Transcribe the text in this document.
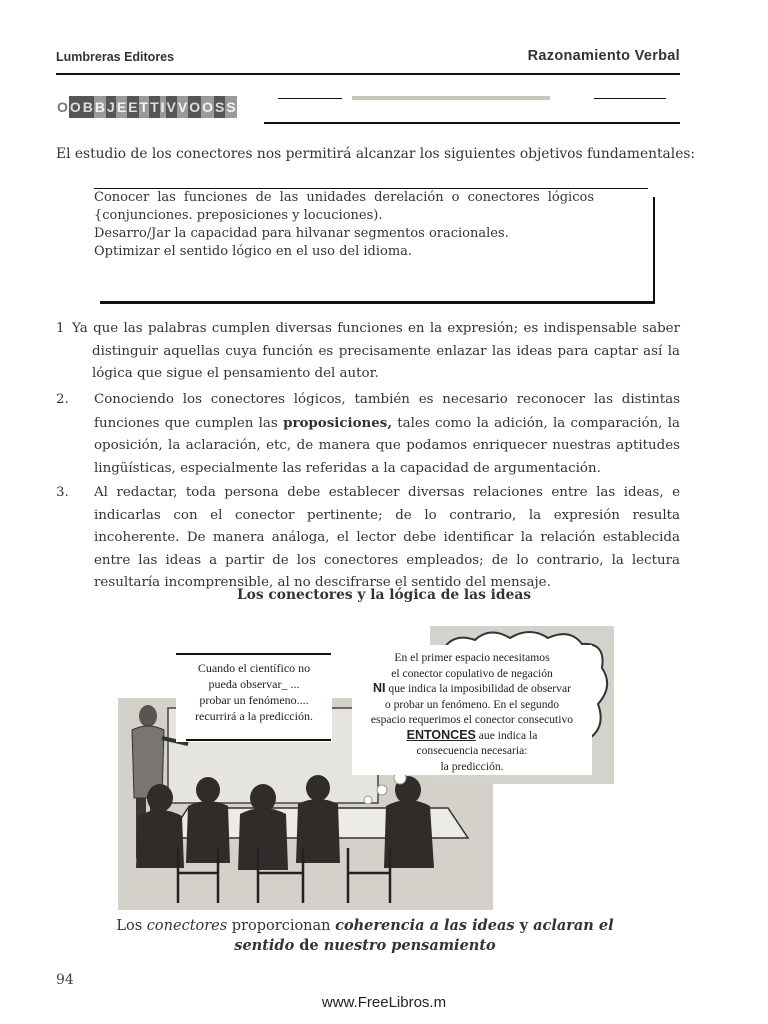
Lumbreras Editores	Razonamiento Verbal
O O B B J E E T T I V V O O S S
El estudio de los conectores nos permitirá alcanzar los siguientes objetivos fundamentales:
Conocer las funciones de las unidades derelación o conectores lógicos
{conjunciones. preposiciones y locuciones).
Desarro/Jar la capacidad para hilvanar segmentos oracionales.
Optimizar el sentido lógico en el uso del idioma.
1 Ya que las palabras cumplen diversas funciones en la expresión; es indispensable saber distinguir aquellas cuya función es precisamente enlazar las ideas para captar así la lógica que sigue el pensamiento del autor.
2. Conociendo los conectores lógicos, también es necesario reconocer las distintas funciones que cumplen las proposiciones, tales como la adición, la comparación, la oposición, la aclaración, etc, de manera que podamos enriquecer nuestras aptitudes lingüísticas, especialmente las referidas a la capacidad de argumentación.
3. Al redactar, toda persona debe establecer diversas relaciones entre las ideas, e indicarlas con el conector pertinente; de lo contrario, la expresión resulta incoherente. De manera análoga, el lector debe identificar la relación establecida entre las ideas a partir de los conectores empleados; de lo contrario, la lectura resultaría incomprensible, al no descifrarse el sentido del mensaje.
Los conectores y la lógica de las ideas
Cuando el científico no
pueda observar_ ...
probar un fenómeno....
recurrirá a la predicción.
En el primer espacio necesitamos
el conector copulativo de negación
NI que indica la imposibilidad de observar
o probar un fenómeno. En el segundo
espacio requerimos el conector consecutivo
ENTONCES aue indica la
consecuencia necesaria:
la predicción.
Los conectores proporcionan coherencia a las ideas y aclaran el
sentido de nuestro pensamiento
94
www.FreeLibros.m
